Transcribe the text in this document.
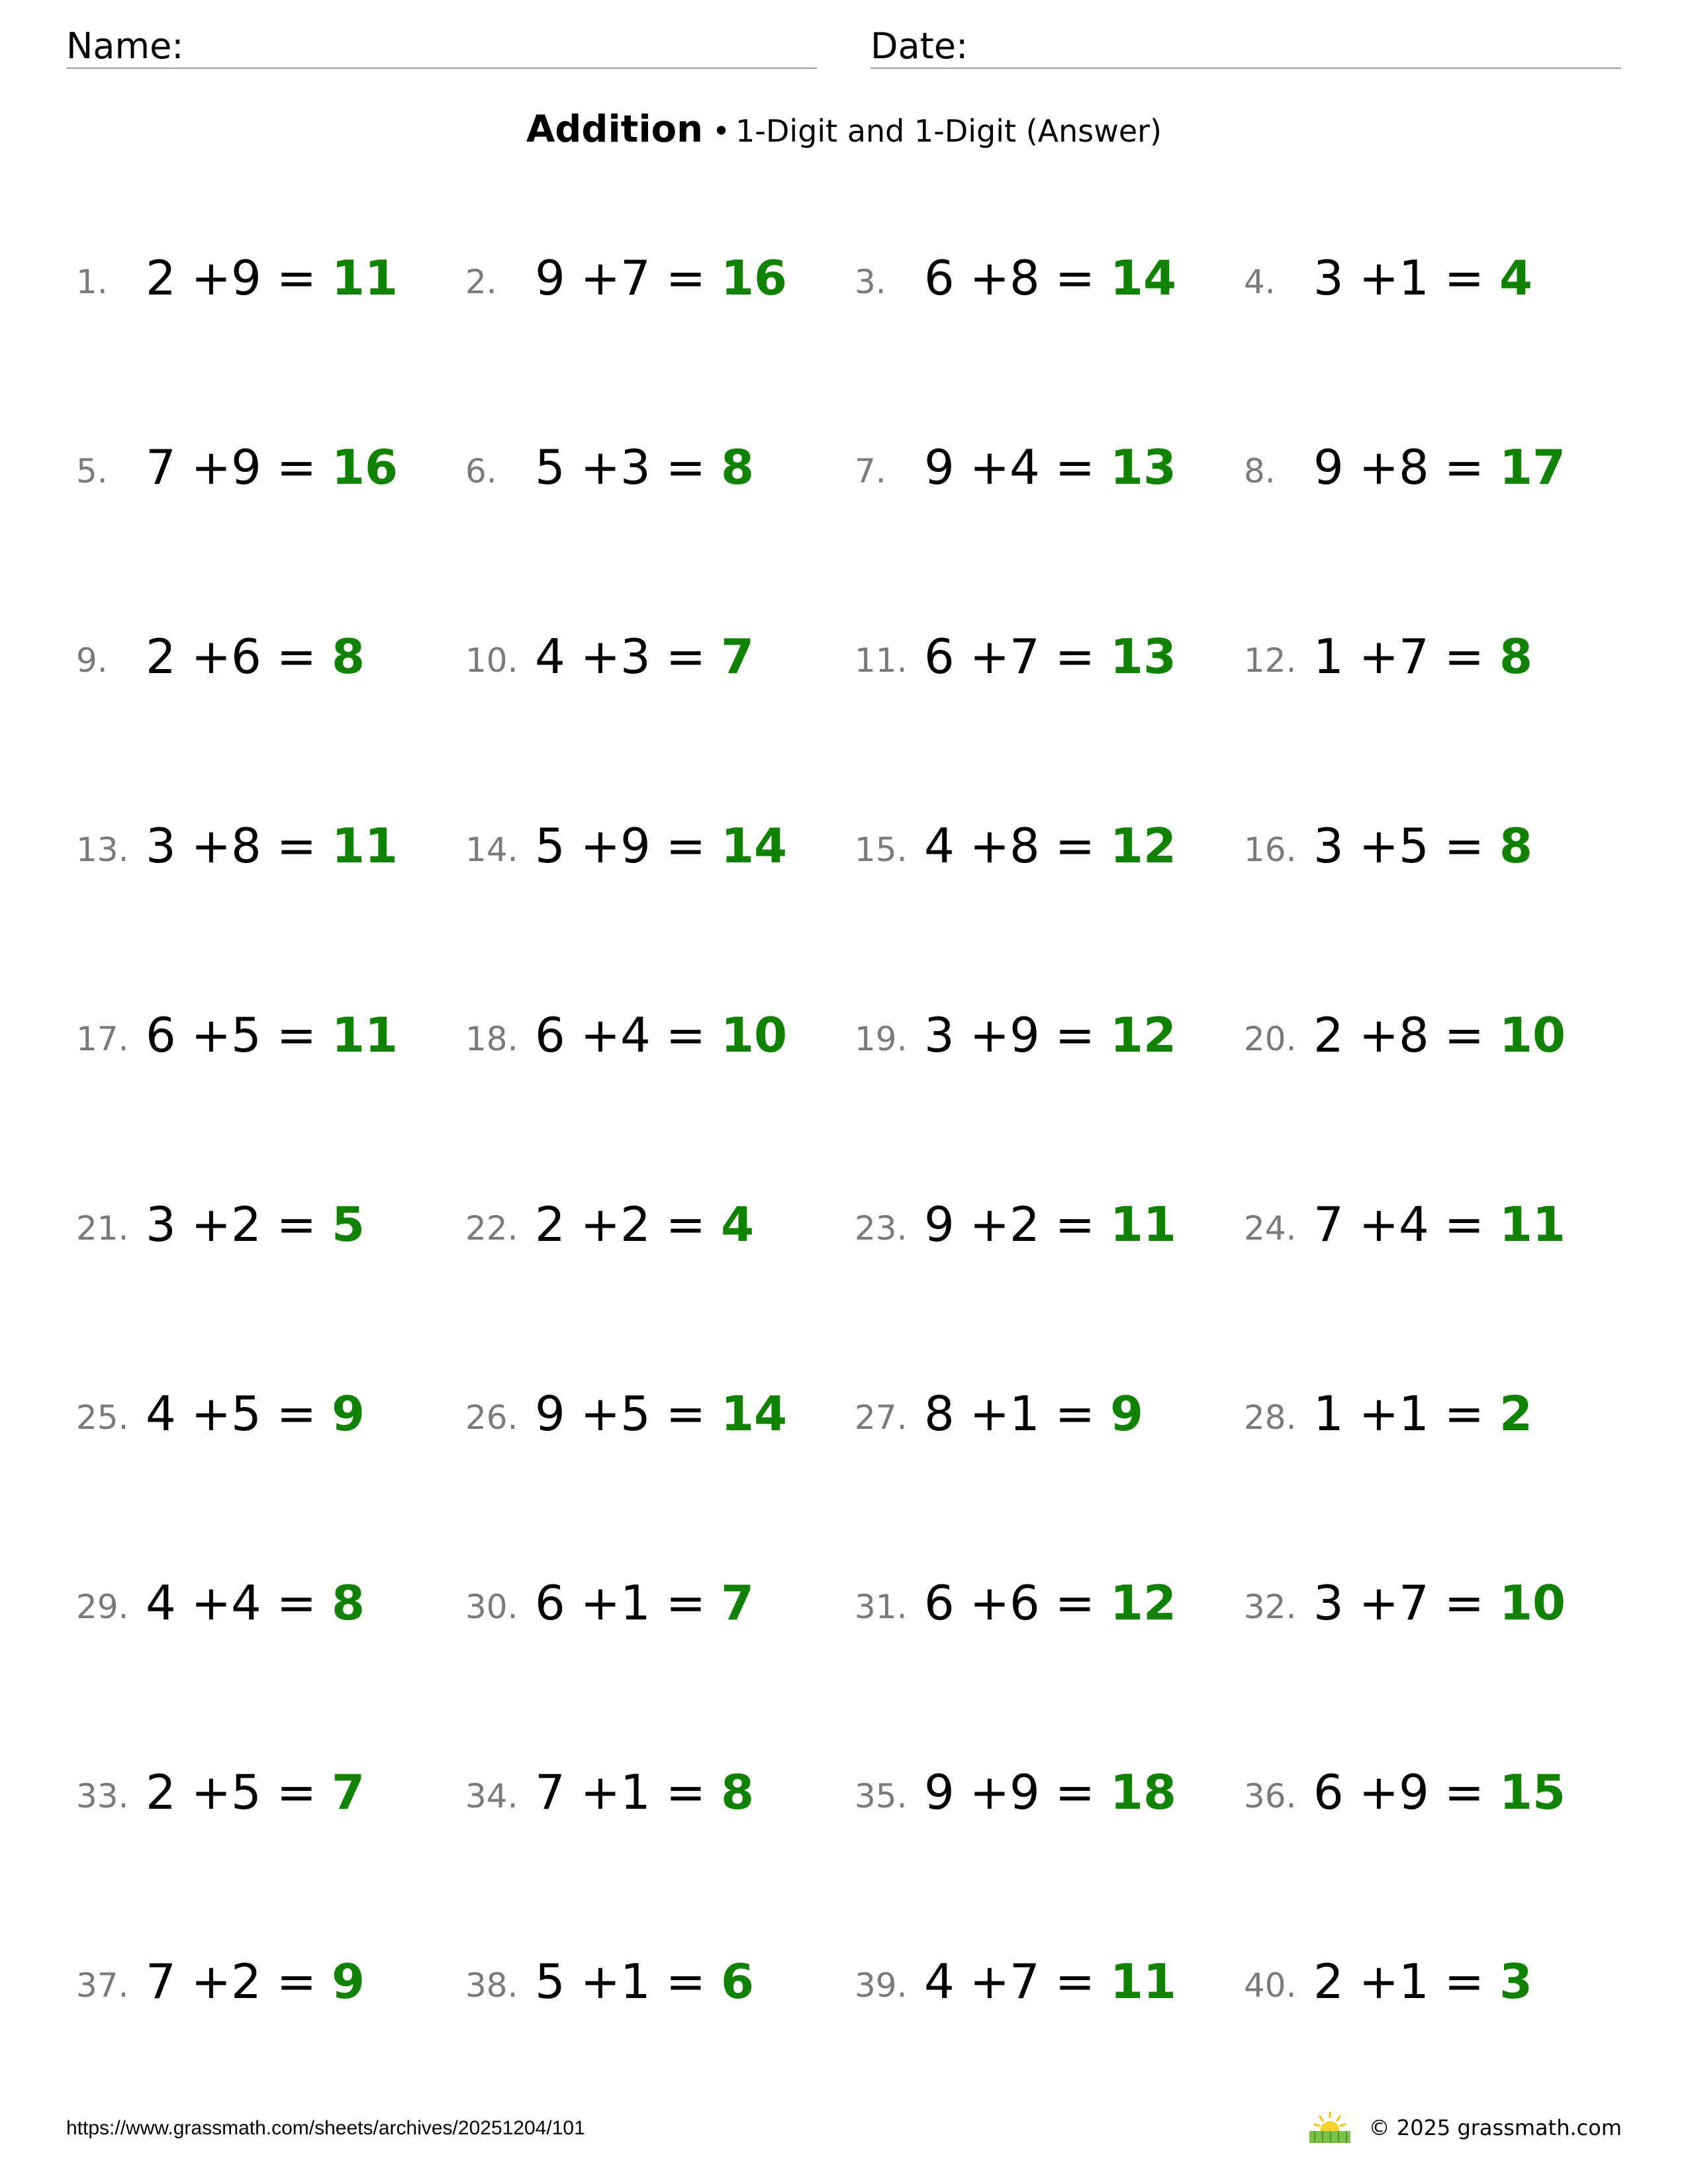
Name:	Date:
Addition • 1-Digit and 1-Digit (Answer)
1. 2 +9 = 11 2. 9 +7 = 16 3. 6 +8 = 14 4. 3 +1 = 4
5. 7 +9 = 16 6. 5 +3 = 8	7. 9 +4 = 13 8. 9 +8 = 17
9. 2 +6 = 8	10. 4 +3 = 7	11. 6 +7 = 13 12. 1 +7 = 8
13. 3 +8 = 11 14. 5 +9 = 14 15. 4 +8 = 12 16. 3 +5 = 8
17. 6 +5 = 11 18. 6 +4 = 10 19. 3 +9 = 12 20. 2 +8 = 10
21. 3 +2 = 5	22. 2 +2 = 4	23. 9 +2 = 11 24. 7 +4 = 11
25. 4 +5 = 9	26. 9 +5 = 14 27. 8 +1 = 9	28. 1 +1 = 2
29. 4 +4 = 8	30. 6 +1 = 7	31. 6 +6 = 12 32. 3 +7 = 10
33. 2 +5 = 7	34. 7 +1 = 8	35. 9 +9 = 18 36. 6 +9 = 15
37. 7 +2 = 9	38. 5 +1 = 6	39. 4 +7 = 11 40. 2 +1 = 3
https://www.grassmath.com/sheets/archives/20251204/101	© 2025 grassmath.com
